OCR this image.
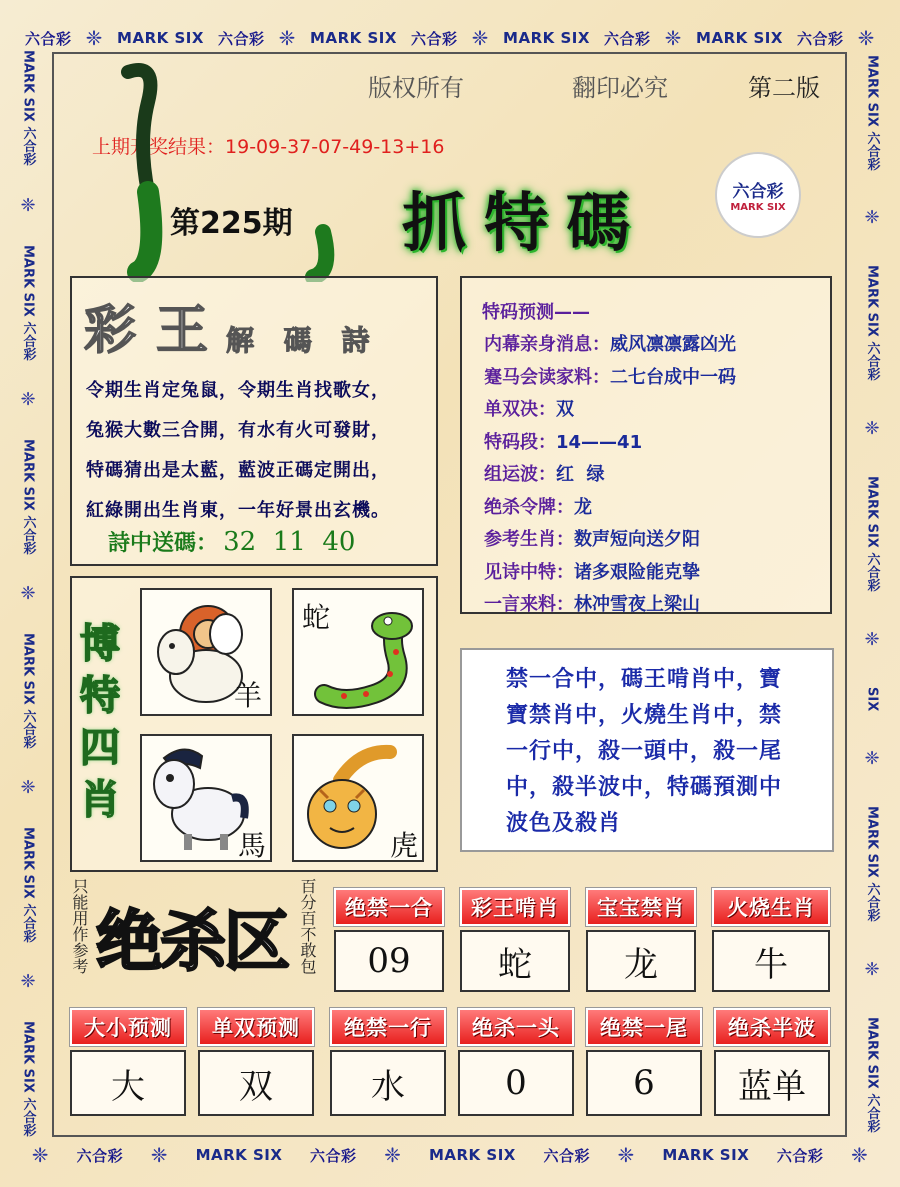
六合彩 ❈ MARK SIX 六合彩 ❈ MARK SIX 六合彩 ❈ MARK SIX 六合彩 ❈ MARK SIX 六合彩 ❈
❈ 六合彩 ❈ MARK SIX 六合彩 ❈ MARK SIX 六合彩 ❈ MARK SIX 六合彩 ❈
MARK SIX 六合彩
❈
MARK SIX 六合彩
❈
MARK SIX 六合彩
❈
MARK SIX 六合彩
❈
MARK SIX 六合彩
❈
MARK SIX 六合彩
MARK SIX 六合彩
❈
MARK SIX 六合彩
❈
MARK SIX 六合彩
❈
SIX
❈
MARK SIX 六合彩
❈
MARK SIX 六合彩
版权所有	翻印必究	第二版
上期开奖结果：19-09-37-07-49-13+16
第225期 抓特碼	六合彩
MARK SIX
彩 王 解 碼 詩
令期生肖定兔鼠，令期生肖找歌女，
兔猴大數三合開，有水有火可發財，
特碼猜出是太藍，藍波正碼定開出，
紅綠開出生肖東，一年好景出玄機。
詩中送碼： 32  11  40
特码预测——
内幕亲身消息：威风凛凛露凶光
蹇马会读家料：二七台成中一码
单双决：双
特码段：14——41
组运波：红  绿
绝杀令牌：龙
参考生肖：数声短向送夕阳
见诗中特：诸多艰险能克挚
一言来料：林冲雪夜上梁山
博
特
四
肖
羊
蛇
馬	虎
禁一合中，碼王啃肖中，寶
寶禁肖中，火燒生肖中，禁
一行中，殺一頭中，殺一尾
中，殺半波中，特碼預測中
波色及殺肖
只能用作参考 绝杀区 百分百不敢包	绝禁一合
09
彩王啃肖
蛇
宝宝禁肖
龙
火烧生肖
牛
大小预测
大
单双预测
双
绝禁一行
水
绝杀一头
0
绝禁一尾
6
绝杀半波
蓝单
